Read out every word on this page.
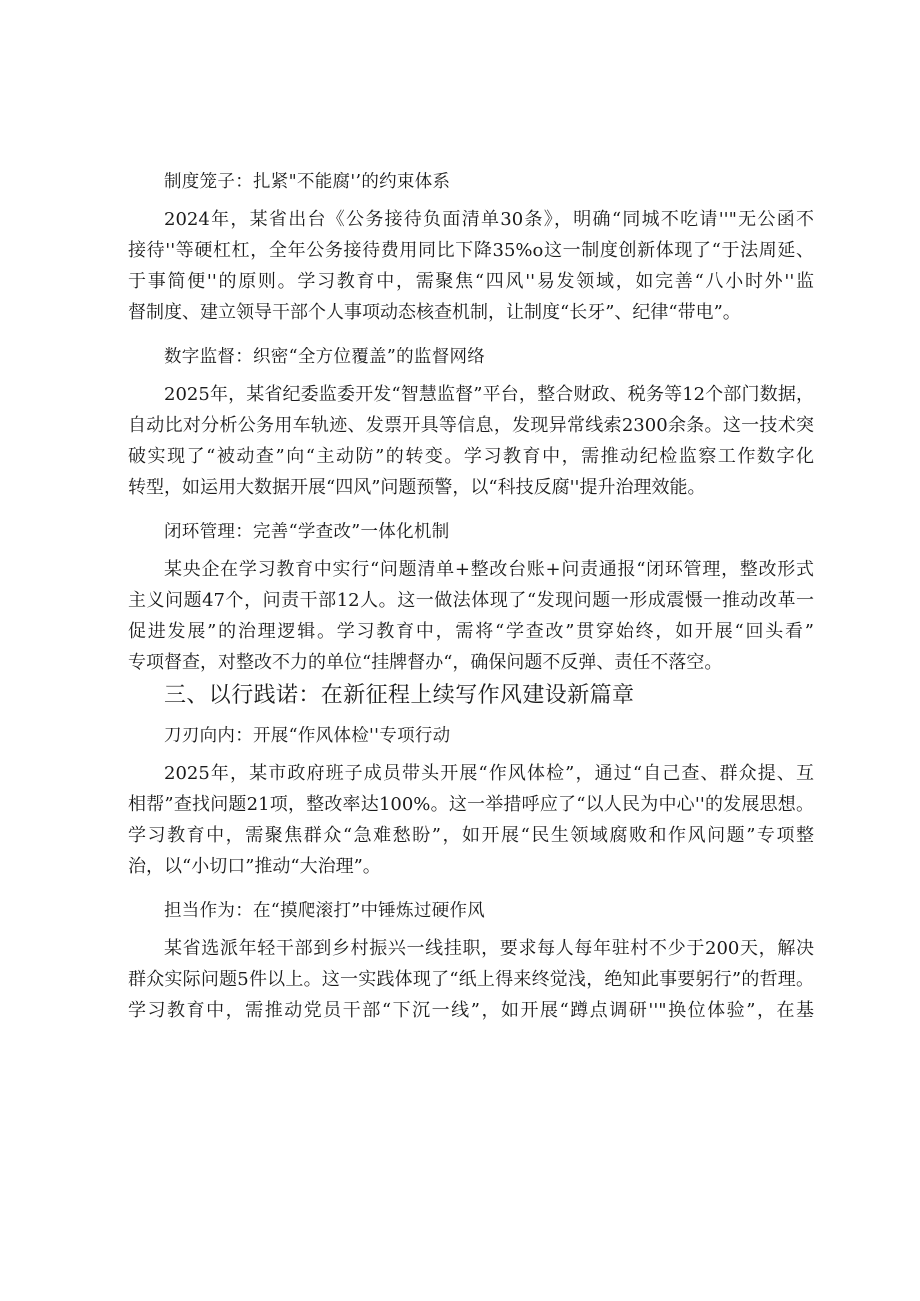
制度笼子：扎紧"不能腐'’的约束体系
2024年，某省出台《公务接待负面清单30条》，明确“同城不吃请''"无公函不
接待''等硬杠杠，全年公务接待费用同比下降35%o这一制度创新体现了“于法周延、
于事简便''的原则。学习教育中，需聚焦“四风''易发领域，如完善“八小时外''监
督制度、建立领导干部个人事项动态核查机制，让制度“长牙”、纪律“带电”。
数字监督：织密“全方位覆盖”的监督网络
2025年，某省纪委监委开发“智慧监督”平台，整合财政、税务等12个部门数据，
自动比对分析公务用车轨迹、发票开具等信息，发现异常线索2300余条。这一技术突
破实现了“被动查”向“主动防”的转变。学习教育中，需推动纪检监察工作数字化
转型，如运用大数据开展“四风”问题预警，以“科技反腐''提升治理效能。
闭环管理：完善“学查改”一体化机制
某央企在学习教育中实行“问题清单+整改台账+问责通报“闭环管理，整改形式
主义问题47个，问责干部12人。这一做法体现了“发现问题一形成震慑一推动改革一
促进发展”的治理逻辑。学习教育中，需将“学查改”贯穿始终，如开展“回头看”
专项督查，对整改不力的单位“挂牌督办“，确保问题不反弹、责任不落空。
三、以行践诺：在新征程上续写作风建设新篇章
刀刃向内：开展“作风体检''专项行动
2025年，某市政府班子成员带头开展“作风体检”，通过“自己查、群众提、互
相帮”查找问题21项，整改率达100%。这一举措呼应了“以人民为中心''的发展思想。
学习教育中，需聚焦群众“急难愁盼”，如开展“民生领域腐败和作风问题”专项整
治，以“小切口”推动“大治理”。
担当作为：在“摸爬滚打”中锤炼过硬作风
某省选派年轻干部到乡村振兴一线挂职，要求每人每年驻村不少于200天，解决
群众实际问题5件以上。这一实践体现了“纸上得来终觉浅，绝知此事要躬行”的哲理。
学习教育中，需推动党员干部“下沉一线”，如开展“蹲点调研''"换位体验”，在基
